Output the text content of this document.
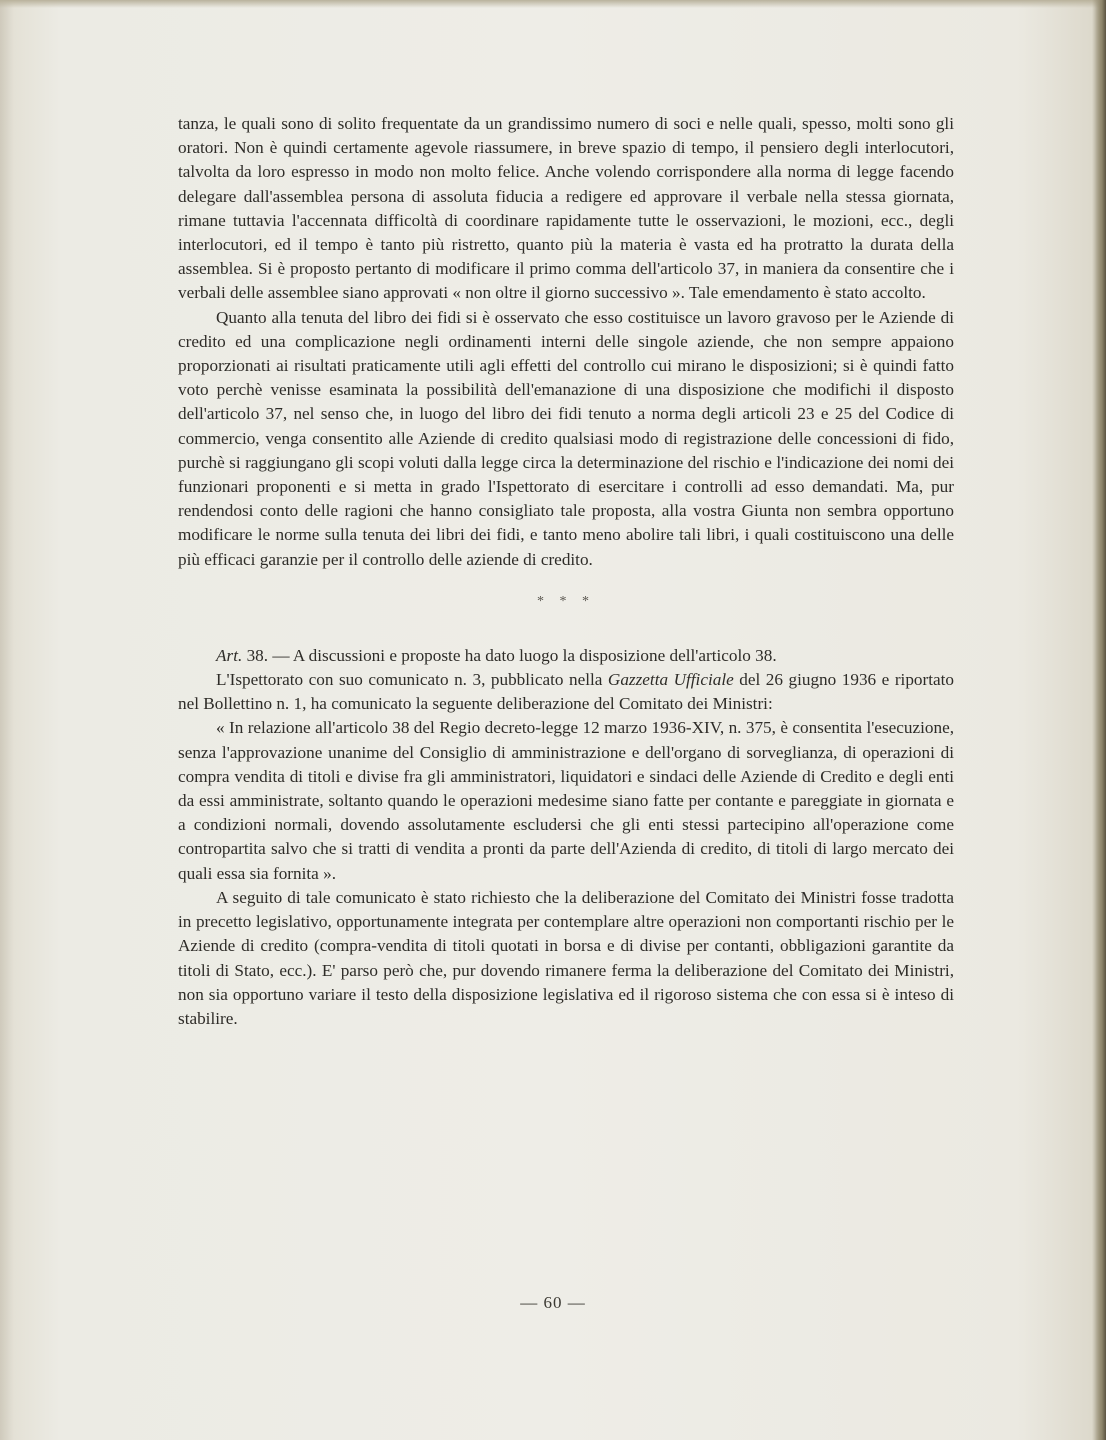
tanza, le quali sono di solito frequentate da un grandissimo numero di soci e nelle quali, spesso, molti sono gli oratori. Non è quindi certamente agevole riassumere, in breve spazio di tempo, il pensiero degli interlocutori, talvolta da loro espresso in modo non molto felice. Anche volendo corrispondere alla norma di legge facendo delegare dall'assemblea persona di assoluta fiducia a redigere ed approvare il verbale nella stessa giornata, rimane tuttavia l'accennata difficoltà di coordinare rapidamente tutte le osservazioni, le mozioni, ecc., degli interlocutori, ed il tempo è tanto più ristretto, quanto più la materia è vasta ed ha protratto la durata della assemblea. Si è proposto pertanto di modificare il primo comma dell'articolo 37, in maniera da consentire che i verbali delle assemblee siano approvati « non oltre il giorno successivo ». Tale emendamento è stato accolto.

Quanto alla tenuta del libro dei fidi si è osservato che esso costituisce un lavoro gravoso per le Aziende di credito ed una complicazione negli ordinamenti interni delle singole aziende, che non sempre appaiono proporzionati ai risultati praticamente utili agli effetti del controllo cui mirano le disposizioni; si è quindi fatto voto perchè venisse esaminata la possibilità dell'emanazione di una disposizione che modifichi il disposto dell'articolo 37, nel senso che, in luogo del libro dei fidi tenuto a norma degli articoli 23 e 25 del Codice di commercio, venga consentito alle Aziende di credito qualsiasi modo di registrazione delle concessioni di fido, purchè si raggiungano gli scopi voluti dalla legge circa la determinazione del rischio e l'indicazione dei nomi dei funzionari proponenti e si metta in grado l'Ispettorato di esercitare i controlli ad esso demandati. Ma, pur rendendosi conto delle ragioni che hanno consigliato tale proposta, alla vostra Giunta non sembra opportuno modificare le norme sulla tenuta dei libri dei fidi, e tanto meno abolire tali libri, i quali costituiscono una delle più efficaci garanzie per il controllo delle aziende di credito.

* * *

Art. 38. — A discussioni e proposte ha dato luogo la disposizione dell'articolo 38.

L'Ispettorato con suo comunicato n. 3, pubblicato nella Gazzetta Ufficiale del 26 giugno 1936 e riportato nel Bollettino n. 1, ha comunicato la seguente deliberazione del Comitato dei Ministri:

« In relazione all'articolo 38 del Regio decreto-legge 12 marzo 1936-XIV, n. 375, è consentita l'esecuzione, senza l'approvazione unanime del Consiglio di amministrazione e dell'organo di sorveglianza, di operazioni di compra vendita di titoli e divise fra gli amministratori, liquidatori e sindaci delle Aziende di Credito e degli enti da essi amministrate, soltanto quando le operazioni medesime siano fatte per contante e pareggiate in giornata e a condizioni normali, dovendo assolutamente escludersi che gli enti stessi partecipino all'operazione come contropartita salvo che si tratti di vendita a pronti da parte dell'Azienda di credito, di titoli di largo mercato dei quali essa sia fornita ».

A seguito di tale comunicato è stato richiesto che la deliberazione del Comitato dei Ministri fosse tradotta in precetto legislativo, opportunamente integrata per contemplare altre operazioni non comportanti rischio per le Aziende di credito (compra-vendita di titoli quotati in borsa e di divise per contanti, obbligazioni garantite da titoli di Stato, ecc.). E' parso però che, pur dovendo rimanere ferma la deliberazione del Comitato dei Ministri, non sia opportuno variare il testo della disposizione legislativa ed il rigoroso sistema che con essa si è inteso di stabilire.

— 60 —
